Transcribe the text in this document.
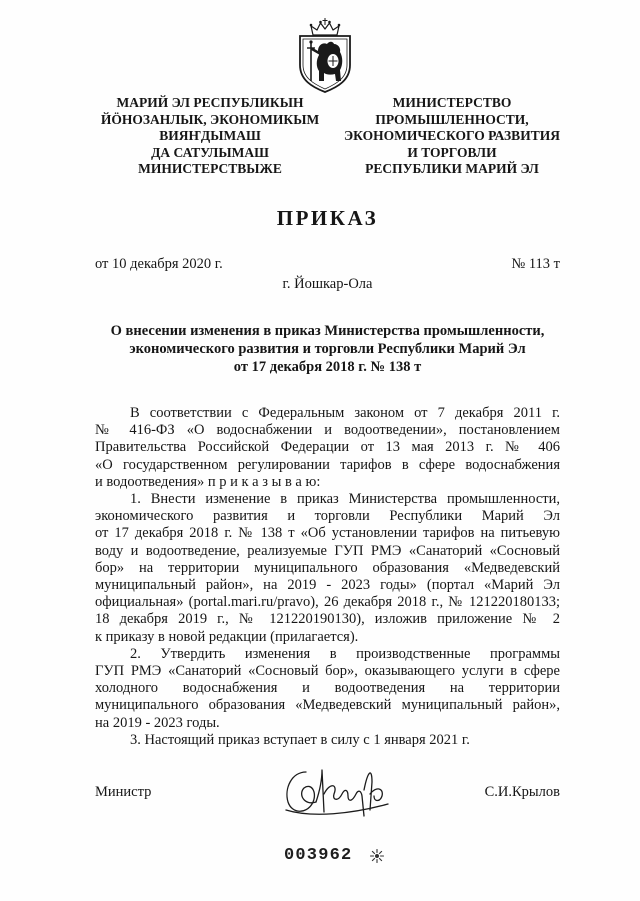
МАРИЙ ЭЛ РЕСПУБЛИКЫН
ЙӦНОЗАНЛЫК, ЭКОНОМИКЫМ
ВИЯҤДЫМАШ
ДА САТУЛЫМАШ
МИНИСТЕРСТВЫЖЕ
МИНИСТЕРСТВО
ПРОМЫШЛЕННОСТИ,
ЭКОНОМИЧЕСКОГО РАЗВИТИЯ
И ТОРГОВЛИ
РЕСПУБЛИКИ МАРИЙ ЭЛ
ПРИКАЗ
от 10 декабря 2020 г.	№ 113 т
г. Йошкар-Ола
О внесении изменения в приказ Министерства промышленности,
экономического развития и торговли Республики Марий Эл
от 17 декабря 2018 г. № 138 т
В соответствии с Федеральным законом от 7 декабря 2011 г.
№ 416-ФЗ «О водоснабжении и водоотведении», постановлением
Правительства Российской Федерации от 13 мая 2013 г. № 406
«О государственном регулировании тарифов в сфере водоснабжения
и водоотведения» п р и к а з ы в а ю:
1. Внести изменение в приказ Министерства промышленности,
экономического развития и торговли Республики Марий Эл
от 17 декабря 2018 г. № 138 т «Об установлении тарифов на питьевую
воду и водоотведение, реализуемые ГУП РМЭ «Санаторий «Сосновый
бор» на территории муниципального образования «Медведевский
муниципальный район», на 2019 - 2023 годы» (портал «Марий Эл
официальная» (portal.mari.ru/pravo), 26 декабря 2018 г., № 121220180133;
18 декабря 2019 г., № 121220190130), изложив приложение № 2
к приказу в новой редакции (прилагается).
2. Утвердить изменения в производственные программы
ГУП РМЭ «Санаторий «Сосновый бор», оказывающего услуги в сфере
холодного водоснабжения и водоотведения на территории
муниципального образования «Медведевский муниципальный район»,
на 2019 - 2023 годы.
3. Настоящий приказ вступает в силу с 1 января 2021 г.
Министр	С.И.Крылов
003962
